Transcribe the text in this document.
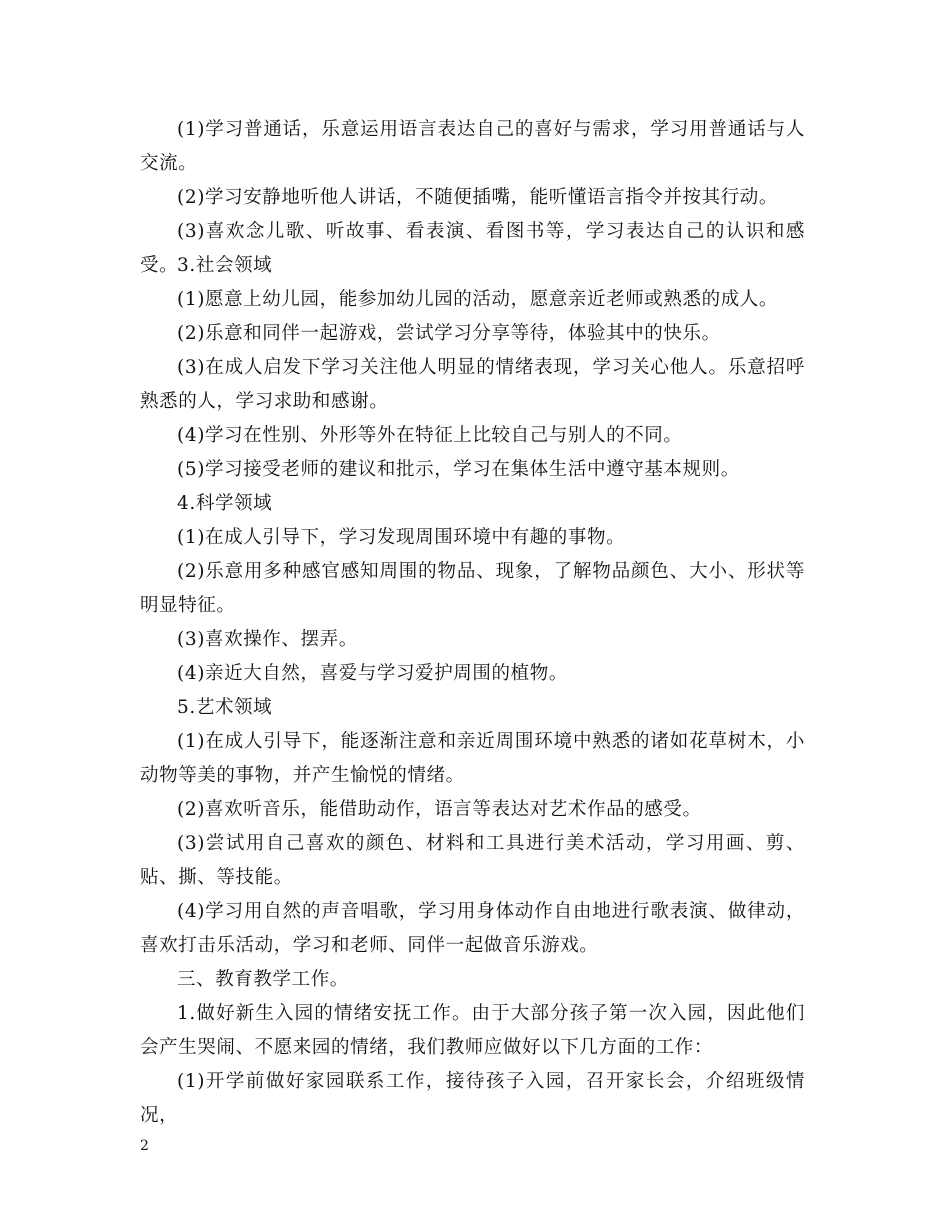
(1)学习普通话，乐意运用语言表达自己的喜好与需求，学习用普通话与人交流。

(2)学习安静地听他人讲话，不随便插嘴，能听懂语言指令并按其行动。

(3)喜欢念儿歌、听故事、看表演、看图书等，学习表达自己的认识和感受。

3.社会领域

(1)愿意上幼儿园，能参加幼儿园的活动，愿意亲近老师或熟悉的成人。

(2)乐意和同伴一起游戏，尝试学习分享等待，体验其中的快乐。

(3)在成人启发下学习关注他人明显的情绪表现，学习关心他人。乐意招呼熟悉的人，学习求助和感谢。

(4)学习在性别、外形等外在特征上比较自己与别人的不同。

(5)学习接受老师的建议和批示，学习在集体生活中遵守基本规则。

4.科学领域

(1)在成人引导下，学习发现周围环境中有趣的事物。

(2)乐意用多种感官感知周围的物品、现象，了解物品颜色、大小、形状等明显特征。

(3)喜欢操作、摆弄。

(4)亲近大自然，喜爱与学习爱护周围的植物。

5.艺术领域

(1)在成人引导下，能逐渐注意和亲近周围环境中熟悉的诸如花草树木，小动物等美的事物，并产生愉悦的情绪。

(2)喜欢听音乐，能借助动作，语言等表达对艺术作品的感受。

(3)尝试用自己喜欢的颜色、材料和工具进行美术活动，学习用画、剪、贴、撕、等技能。

(4)学习用自然的声音唱歌，学习用身体动作自由地进行歌表演、做律动，喜欢打击乐活动，学习和老师、同伴一起做音乐游戏。

三、教育教学工作。

1.做好新生入园的情绪安抚工作。由于大部分孩子第一次入园，因此他们会产生哭闹、不愿来园的情绪，我们教师应做好以下几方面的工作：

(1)开学前做好家园联系工作，接待孩子入园，召开家长会，介绍班级情况，

2
